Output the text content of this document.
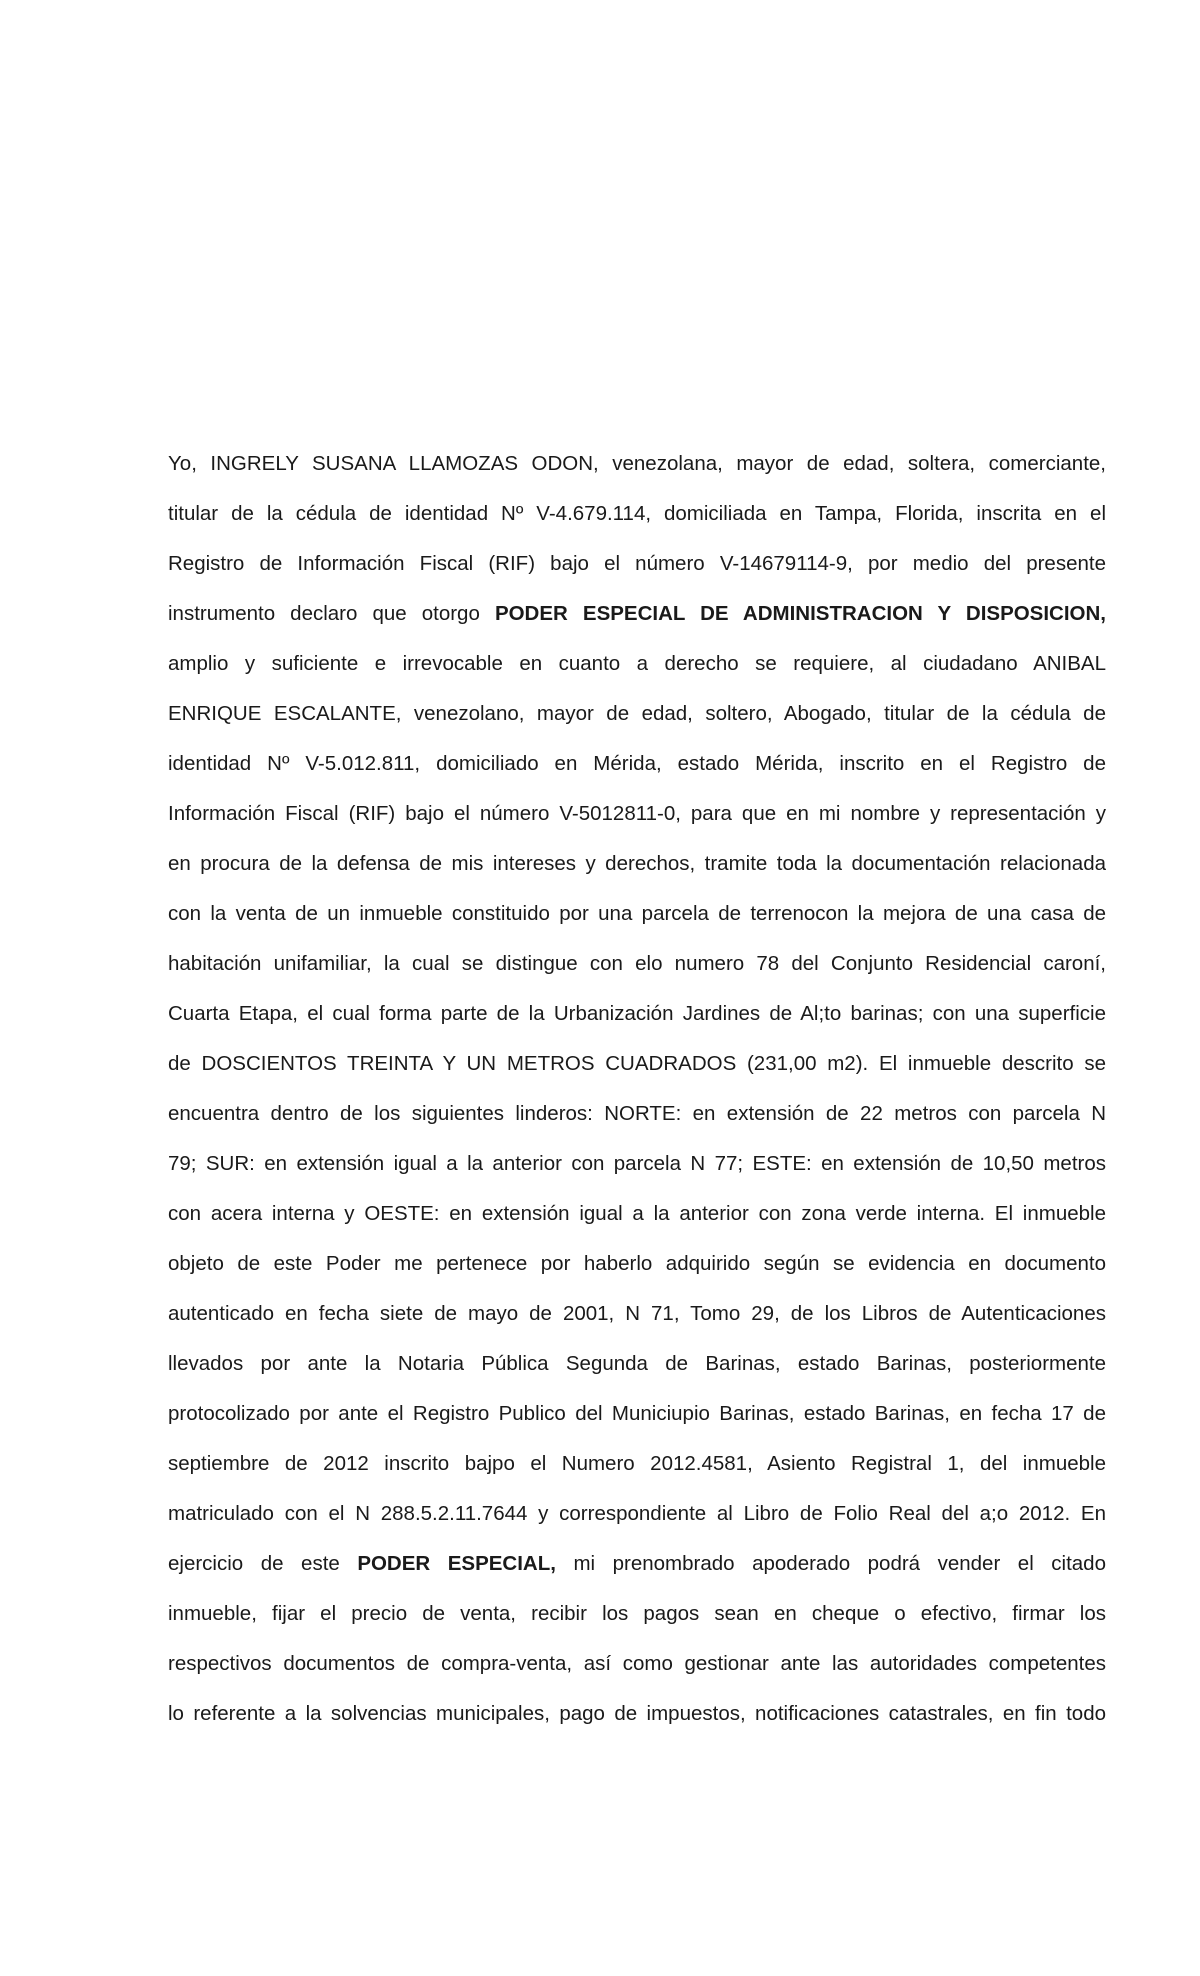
Yo, INGRELY SUSANA LLAMOZAS ODON, venezolana, mayor de edad, soltera, comerciante,
titular de la cédula de identidad Nº V-4.679.114, domiciliada en Tampa, Florida, inscrita en el
Registro de Información Fiscal (RIF) bajo el número V-14679114-9, por medio del presente
instrumento declaro que otorgo PODER ESPECIAL DE ADMINISTRACION Y DISPOSICION,
amplio y suficiente e irrevocable en cuanto a derecho se requiere, al ciudadano ANIBAL
ENRIQUE ESCALANTE, venezolano, mayor de edad, soltero, Abogado, titular de la cédula de
identidad Nº V-5.012.811, domiciliado en Mérida, estado Mérida, inscrito en el Registro de
Información Fiscal (RIF) bajo el número V-5012811-0, para que en mi nombre y representación y
en procura de la defensa de mis intereses y derechos, tramite toda la documentación relacionada
con la venta de un inmueble constituido por una parcela de terrenocon la mejora de una casa de
habitación unifamiliar, la cual se distingue con elo numero 78 del Conjunto Residencial caroní,
Cuarta Etapa, el cual forma parte de la Urbanización Jardines de Al;to barinas; con una superficie
de DOSCIENTOS TREINTA Y UN METROS CUADRADOS (231,00 m2). El inmueble descrito se
encuentra dentro de los siguientes linderos: NORTE: en extensión de 22 metros con parcela N
79; SUR: en extensión igual a la anterior con parcela N 77; ESTE: en extensión de 10,50 metros
con acera interna y OESTE: en extensión igual a la anterior con zona verde interna. El inmueble
objeto de este Poder me pertenece por haberlo adquirido según se evidencia en documento
autenticado en fecha siete de mayo de 2001, N 71, Tomo 29, de los Libros de Autenticaciones
llevados por ante la Notaria Pública Segunda de Barinas, estado Barinas, posteriormente
protocolizado por ante el Registro Publico del Municiupio Barinas, estado Barinas, en fecha 17 de
septiembre de 2012 inscrito bajpo el Numero 2012.4581, Asiento Registral 1, del inmueble
matriculado con el N 288.5.2.11.7644 y correspondiente al Libro de Folio Real del a;o 2012. En
ejercicio de este PODER ESPECIAL, mi prenombrado apoderado podrá vender el citado
inmueble, fijar el precio de venta, recibir los pagos sean en cheque o efectivo, firmar los
respectivos documentos de compra-venta, así como gestionar ante las autoridades competentes
lo referente a la solvencias municipales, pago de impuestos, notificaciones catastrales, en fin todo
